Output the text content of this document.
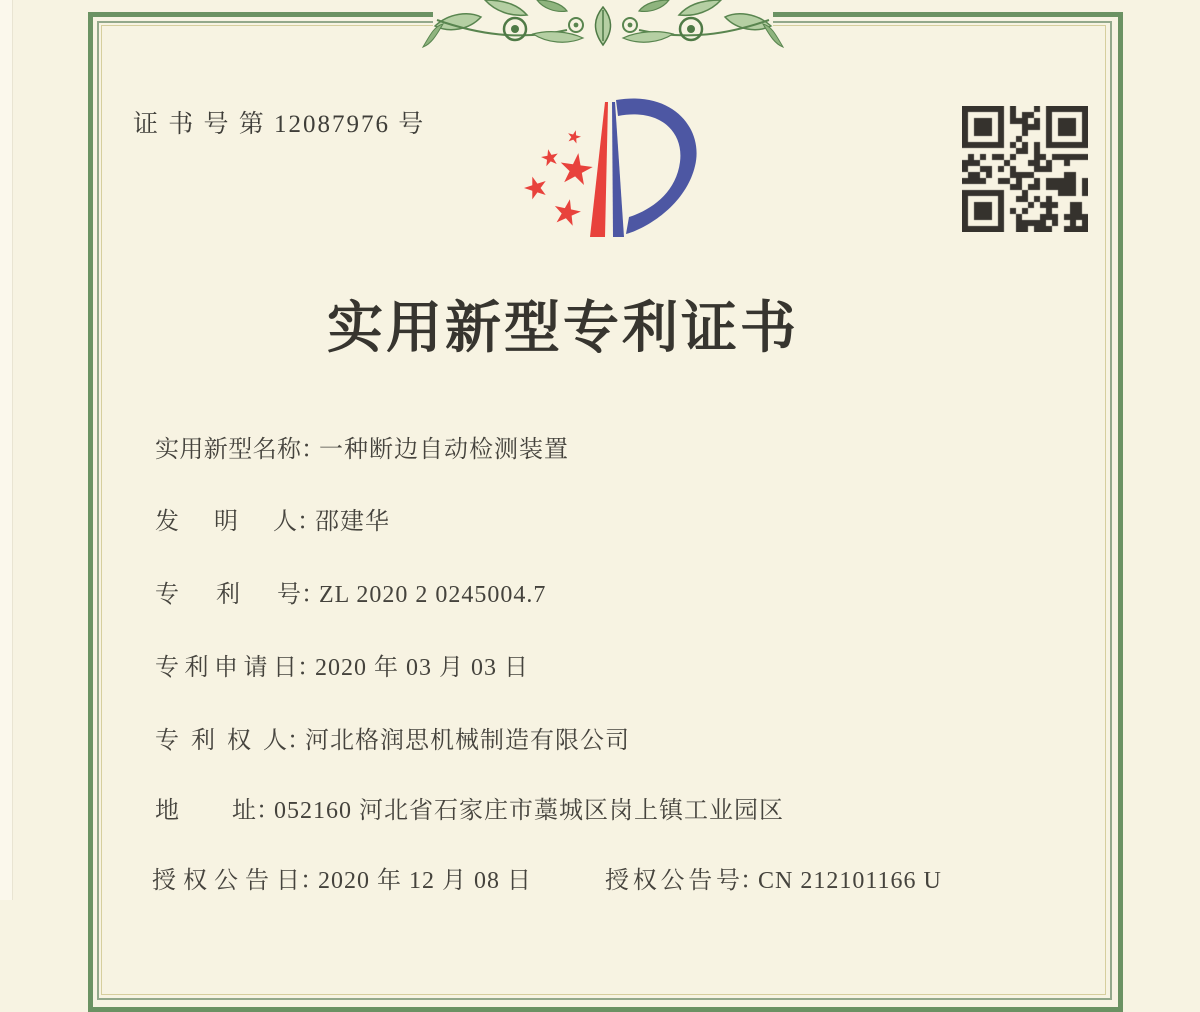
证 书 号 第 12087976 号
实用新型专利证书
实用新型名称：一种断边自动检测装置
发明人：邵建华
专利号：ZL 2020 2 0245004.7
专利申请日：2020 年 03 月 03 日
专利权人：河北格润思机械制造有限公司
地址：052160 河北省石家庄市藁城区岗上镇工业园区
授权公告日：2020 年 12 月 08 日	授权公告号：CN 212101166 U
